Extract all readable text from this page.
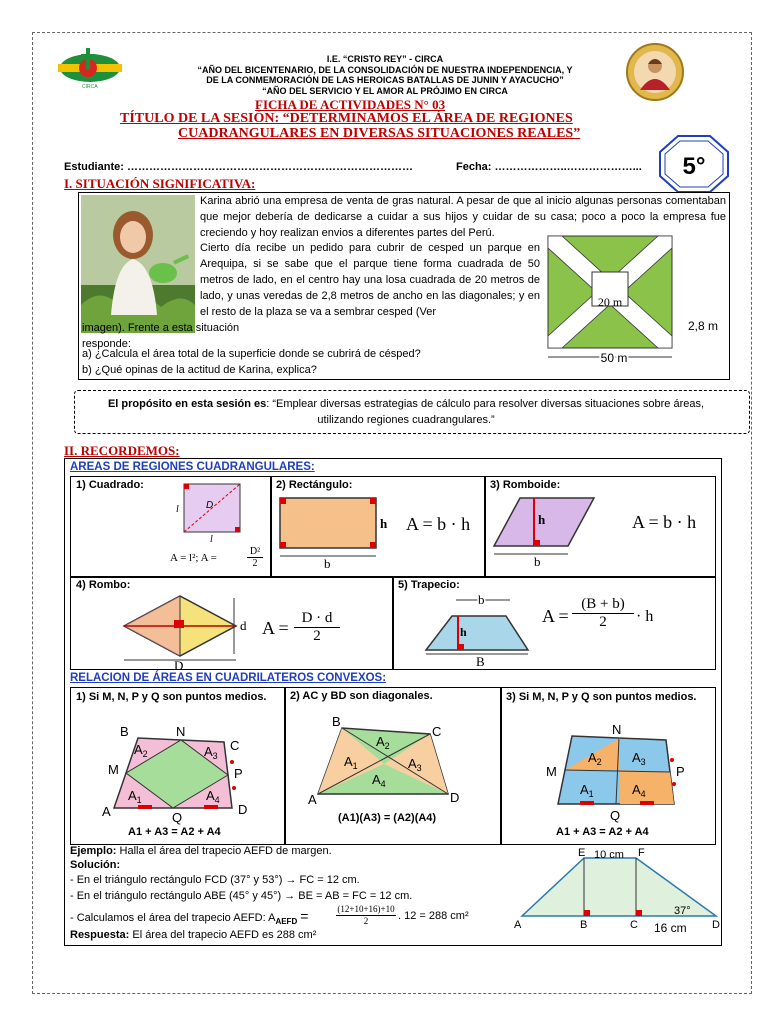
CIRCA
I.E. “CRISTO REY” - CIRCA
“AÑO DEL BICENTENARIO, DE LA CONSOLIDACIÓN DE NUESTRA INDEPENDENCIA, Y
DE LA CONMEMORACIÓN DE LAS HEROICAS BATALLAS DE JUNIN Y AYACUCHO”
“AÑO DEL SERVICIO Y EL AMOR AL PRÓJIMO EN CIRCA
FICHA DE ACTIVIDADES N° 03
TÍTULO DE LA SESIÓN: “DETERMINAMOS EL ÁREA DE REGIONES
CUADRANGULARES EN DIVERSAS SITUACIONES REALES”
Estudiante: ……………………………………………………………………	Fecha: ………………..………………... 5°
I. SITUACIÓN SIGNIFICATIVA:
Karina abrió una empresa de venta de gras natural. A pesar de que al inicio algunas personas comentaban que mejor debería de dedicarse a cuidar a sus hijos y cuidar de su casa; poco a poco la empresa fue creciendo y hoy realizan envios a diferentes partes del Perú.
20 m
2,8 m
50 m
Cierto día recibe un pedido para cubrir de cesped un parque en Arequipa, si se sabe que el parque tiene forma cuadrada de 50 metros de lado, en el centro hay una losa cuadrada de 20 metros de lado, y unas veredas de 2,8 metros de ancho en las diagonales; y en el resto de la plaza se va a sembrar cesped (Ver
imagen). Frente a esta situación responde:
a) ¿Calcula el área total de la superficie donde se cubrirá de césped?
b) ¿Qué opinas de la actitud de Karina, explica?
El propósito en esta sesión es: “Emplear diversas estrategias de cálculo para resolver diversas situaciones sobre áreas, utilizando regiones cuadrangulares.”
II. RECORDEMOS:
AREAS DE REGIONES CUADRANGULARES:
1) Cuadrado:	2) Rectángulo:	3) Romboide:
D
l
l
A = l²; A =
D²
2	b
h A = b · h	h
b
A = b · h
4) Rombo:	5) Trapecio:
d
D
A = D · d
2
b
h
B
A =
(B + b)
2	· h
RELACION DE ÁREAS EN CUADRILATEROS CONVEXOS:
1) Si M, N, P y Q son puntos medios.	2) AC y BD son diagonales.	3) Si M, N, P y Q son puntos medios.
B	N
C
M	P
A	Q
D
$A_2$	$A_3$
$A_1$	$A_4$
A1 + A3 = A2 + A4
B
C
A	D
$A_2$
$A_1$	$A_3$
$A_4$
(A1)(A3) = (A2)(A4)
N
M	P
Q
$A_2$ $A_3$
$A_1$	$A_4$
A1 + A3 = A2 + A4
Ejemplo: Halla el área del trapecio AEFD de margen.
Solución:
- En el triángulo rectángulo FCD (37° y 53°) → FC = 12 cm.
- En el triángulo rectángulo ABE (45° y 45°) → BE = AB = FC = 12 cm.
- Calculamos el área del trapecio AEFD: $A_{AEFD}$ =	(12+10+16)+10
2	. 12 = 288 cm²
Respuesta: El área del trapecio AEFD es 288 cm²
E	F
10 cm
A	B	C	D
37°
16 cm
